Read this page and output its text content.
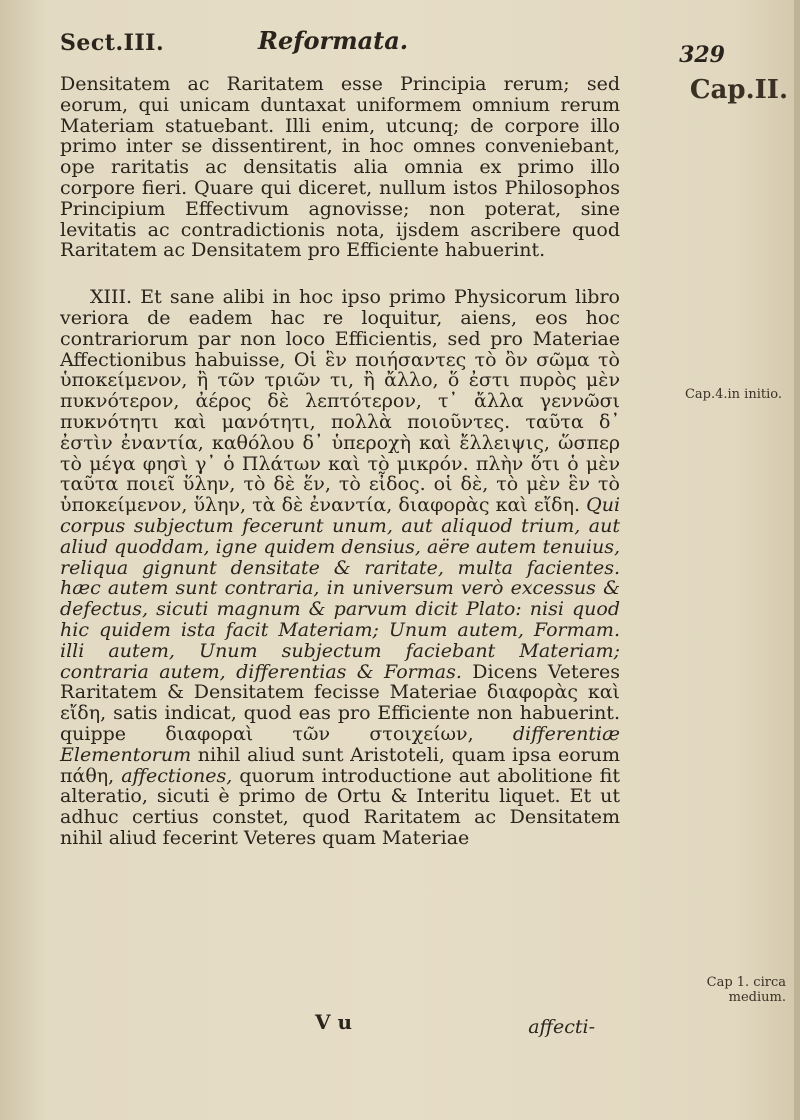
Sect.III.	Reformata.	329
Cap.II.
Cap.4.in initio.
Cap 1. circa medium.

Densitatem ac Raritatem esse Principia rerum; sed eorum, qui unicam duntaxat uniformem omnium rerum Materiam statuebant. Illi enim, utcunq; de corpore illo primo inter se dissentirent, in hoc omnes conveniebant, ope raritatis ac densitatis alia omnia ex primo illo corpore fieri. Quare qui diceret, nullum istos Philosophos Principium Effectivum agnovisse; non poterat, sine levitatis ac contradictionis nota, ijsdem ascribere quod Raritatem ac Densitatem pro Efficiente habuerint.

XIII. Et sane alibi in hoc ipso primo Physicorum libro veriora de eadem hac re loquitur, aiens, eos hoc contrariorum par non loco Efficientis, sed pro Materiae Affectionibus habuisse, Οἱ ἓν ποιήσαντες τὸ ὂν σῶμα τὸ ὑποκείμενον, ἢ τῶν τριῶν τι, ἢ ἄλλο, ὅ ἐστι πυρὸς μὲν πυκνότερον, ἀέρος δὲ λεπτότερον, τ᾿ ἄλλα γεννῶσι πυκνότητι καὶ μανότητι, πολλὰ ποιοῦντες. ταῦτα δ᾿ ἐστὶν ἐναντία, καθόλου δ᾿ ὑπεροχὴ καὶ ἔλλειψις, ὥσπερ τὸ μέγα φησὶ γ᾿ ὁ Πλάτων καὶ τὸ μικρόν. πλὴν ὅτι ὁ μὲν ταῦτα ποιεῖ ὕλην, τὸ δὲ ἕν, τὸ εἶδος. οἱ δὲ, τὸ μὲν ἓν τὸ ὑποκείμενον, ὕλην, τὰ δὲ ἐναντία, διαφορὰς καὶ εἴδη. Qui corpus subjectum fecerunt unum, aut aliquod trium, aut aliud quoddam, igne quidem densius, aëre autem tenuius, reliqua gignunt densitate & raritate, multa facientes. hæc autem sunt contraria, in universum verò excessus & defectus, sicuti magnum & parvum dicit Plato: nisi quod hic quidem ista facit Materiam; Unum autem, Formam. illi autem, Unum subjectum faciebant Materiam; contraria autem, differentias & Formas. Dicens Veteres Raritatem & Densitatem fecisse Materiae διαφορὰς καὶ εἴδη, satis indicat, quod eas pro Efficiente non habuerint. quippe διαφοραὶ τῶν στοιχείων, differentiæ Elementorum nihil aliud sunt Aristoteli, quam ipsa eorum πάθη, affectiones, quorum introductione aut abolitione fit alteratio, sicuti è primo de Ortu & Interitu liquet. Et ut adhuc certius constet, quod Raritatem ac Densitatem nihil aliud fecerint Veteres quam Materiae

V u	affecti-
